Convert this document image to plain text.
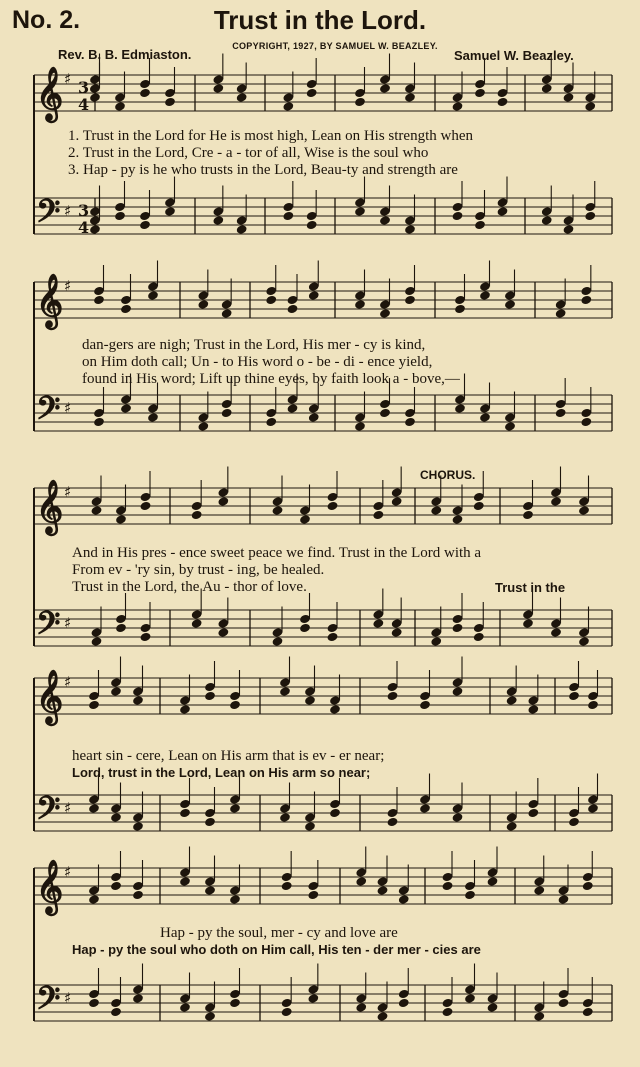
No. 2.	Trust in the Lord.
Rev. B. B. Edmiaston.
COPYRIGHT, 1927, BY SAMUEL W. BEAZLEY.
Samuel W. Beazley.
𝄞 ♯
𝄢 ♯
3
4
3
4
𝄞 ♯
𝄢 ♯
𝄞 ♯
𝄢 ♯
𝄞 ♯
𝄢 ♯
𝄞 ♯
𝄢 ♯
1. Trust in the Lord for He is most high, Lean on His strength when
2. Trust in the Lord, Cre - a - tor of all, Wise is the soul who
3. Hap - py is he who trusts in the Lord, Beau-ty and strength are
dan-gers are nigh; Trust in the Lord, His mer - cy is kind,
on Him doth call; Un - to His word o - be - di - ence yield,
found in His word; Lift up thine eyes, by faith look a - bove,—
CHORUS.
And in His pres - ence sweet peace we find. Trust in the Lord with a
From ev - 'ry sin, by trust - ing, be healed.
Trust in the Lord, the Au - thor of love.	Trust in the
heart sin - cere, Lean on His arm that is ev - er near;
Lord, trust in the Lord, Lean on His arm so near;
Hap - py the soul, mer - cy and love are
Hap - py the soul who doth on Him call, His ten - der mer - cies are
